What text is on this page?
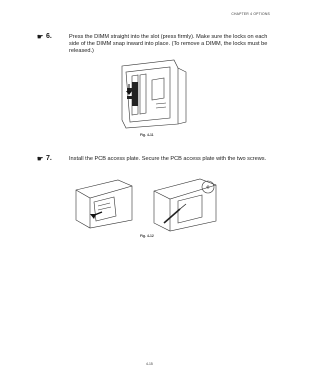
CHAPTER 4 OPTIONS
☛ 6.	Press the DIMM straight into the slot (press firmly). Make sure the locks on each side of the DIMM snap inward into place. (To remove a DIMM, the locks must be released.)
Fig. 4-11
☛ 7.	Install the PCB access plate. Secure the PCB access plate with the two screws.
Fig. 4-12
4-15
